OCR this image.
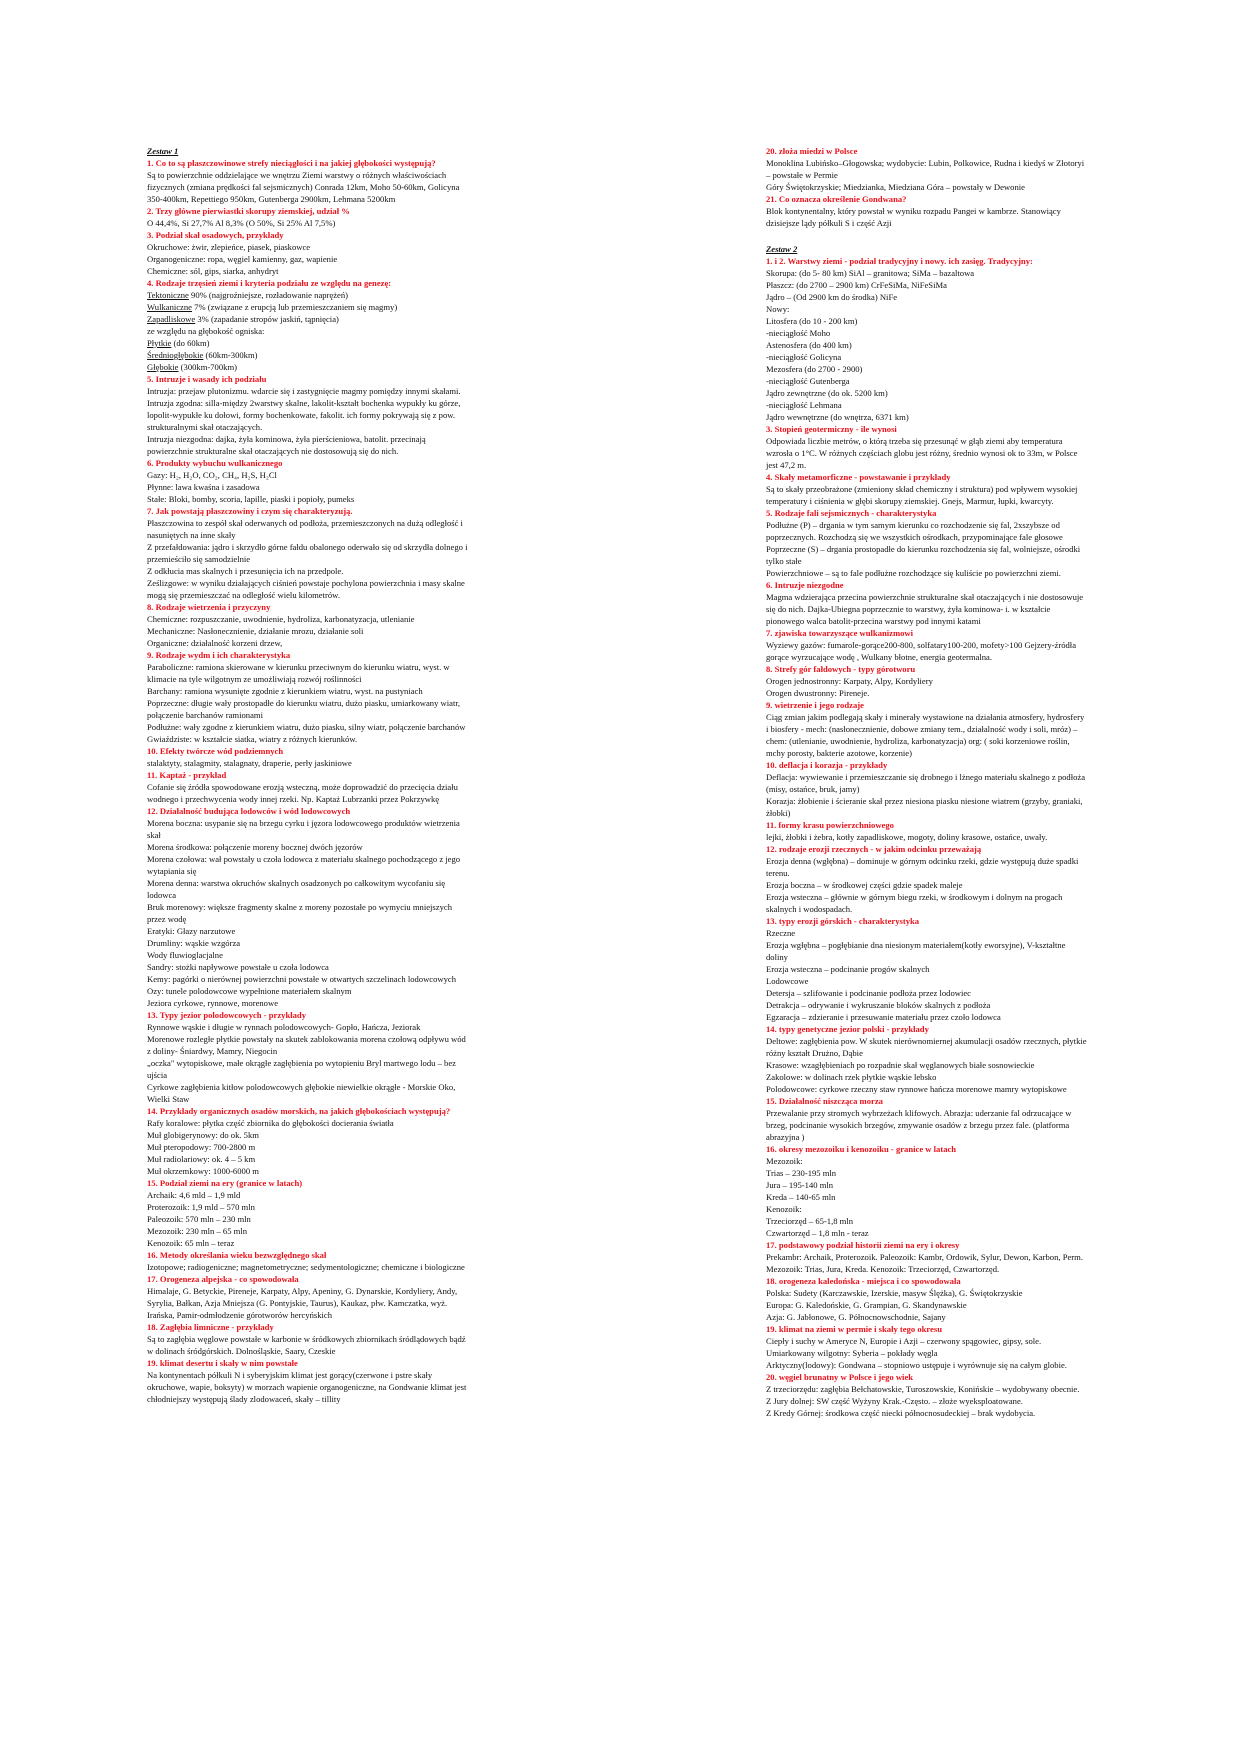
Zestaw 1

1. Co to są płaszczowinowe strefy nieciągłości i na jakiej głębokości występują?

Są to powierzchnie oddzielające we wnętrzu Ziemi warstwy o różnych właściwościach fizycznych (zmiana prędkości fal sejsmicznych) Conrada 12km, Moho 50-60km, Golicyna 350-400km, Repettiego 950km, Gutenberga 2900km, Lehmana 5200km

2. Trzy główne pierwiastki skorupy ziemskiej, udział %

O 44,4%, Si 27,7% Al 8,3% (O 50%, Si 25% Al 7,5%)

3. Podział skał osadowych, przykłady

Okruchowe: żwir, zlepieńce, piasek, piaskowce

Organogeniczne: ropa, węgiel kamienny, gaz, wapienie

Chemiczne: sól, gips, siarka, anhydryt

4. Rodzaje trzęsień ziemi i kryteria podziału ze względu na genezę:

Tektoniczne 90% (najgroźniejsze, rozładowanie naprężeń)

Wulkaniczne 7% (związane z erupcją lub przemieszczaniem się magmy)

Zapadliskowe 3% (zapadanie stropów jaskiń, tąpnięcia)

ze względu na głębokość ogniska:

Płytkie (do 60km)

Średniogłębokie (60km-300km)

Głębokie (300km-700km)

5. Intruzje i wasady ich podziału

Intruzja: przejaw plutonizmu. wdarcie się i zastygnięcie magmy pomiędzy innymi skałami.

Intruzja zgodna: silla-między 2warstwy skalne, lakolit-kształt bochenka wypukły ku górze, lopolit-wypukłe ku dołowi, formy bochenkowate, fakolit. ich formy pokrywają się z pow. strukturalnymi skał otaczających.

Intruzja niezgodna: dajka, żyła kominowa, żyła pierścieniowa, batolit. przecinają powierzchnie strukturalne skał otaczających nie dostosowują się do nich.

6. Produkty wybuchu wulkanicznego

Gazy: H₂, H₂O, CO₂, CH₄, H₂S, H₂Cl

Płynne: lawa kwaśna i zasadowa

Stałe: Bloki, bomby, scoria, lapille, piaski i popioły, pumeks

7. Jak powstają płaszczowiny i czym się charakteryzują.

Płaszczowina to zespół skał oderwanych od podłoża, przemieszczonych na dużą odległość i nasuniętych na inne skały

Z przefałdowania: jądro i skrzydło górne fałdu obalonego oderwało się od skrzydła dolnego i przemieściło się samodzielnie

Z odkłucia mas skalnych i przesunięcia ich na przedpole.

Ześlizgowe: w wyniku działających ciśnień powstaje pochylona powierzchnia i masy skalne mogą się przemieszczać na odległość wielu kilometrów.

8. Rodzaje wietrzenia i przyczyny

Chemiczne: rozpuszczanie, uwodnienie, hydroliza, karbonatyzacja, utlenianie

Mechaniczne: Nasłonecznienie, działanie mrozu, działanie soli

Organiczne: działalność korzeni drzew,

9. Rodzaje wydm i ich charakterystyka

Paraboliczne: ramiona skierowane w kierunku przeciwnym do kierunku wiatru, wyst. w klimacie na tyle wilgotnym ze umożliwiają rozwój roślinności

Barchany: ramiona wysunięte zgodnie z kierunkiem wiatru, wyst. na pustyniach

Poprzeczne: długie wały prostopadłe do kierunku wiatru, dużo piasku, umiarkowany wiatr, połączenie barchanów ramionami

Podłużne: wały zgodne z kierunkiem wiatru, dużo piasku, silny wiatr, połączenie barchanów

Gwiaździste: w kształcie siatka, wiatry z różnych kierunków.

10. Efekty twórcze wód podziemnych

stalaktyty, stalagmity, stalagnaty, draperie, perły jaskiniowe

11. Kaptaż - przykład

Cofanie się źródła spowodowane erozją wsteczną, może doprowadzić do przecięcia działu wodnego i przechwycenia wody innej rzeki. Np. Kaptaż Lubrzanki przez Pokrzywkę

12. Działalność budująca lodowców i wód lodowcowych

Morena boczna: usypanie się na brzegu cyrku i jęzora lodowcowego produktów wietrzenia skał

Morena środkowa: połączenie moreny bocznej dwóch jęzorów

Morena czołowa: wał powstały u czoła lodowca z materiału skalnego pochodzącego z jego wytapiania się

Morena denna: warstwa okruchów skalnych osadzonych po całkowitym wycofaniu się lodowca

Bruk morenowy: większe fragmenty skalne z moreny pozostałe po wymyciu mniejszych przez wodę

Eratyki: Głazy narzutowe

Drumliny: wąskie wzgórza

Wody fluwioglacjalne

Sandry: stożki napływowe powstałe u czoła lodowca

Kemy: pagórki o nierównej powierzchni powstałe w otwartych szczelinach lodowcowych

Ozy: tunele polodowcowe wypełnione materiałem skalnym

Jeziora cyrkowe, rynnowe, morenowe

13. Typy jezior polodowcowych - przykłady

Rynnowe wąskie i długie w rynnach polodowcowych- Gopło, Hańcza, Jeziorak

Morenowe rozległe płytkie powstały na skutek zablokowania morena czołową odpływu wód z doliny- Śniardwy, Mamry, Niegocin

„oczka" wytopiskowe, małe okrągłe zagłębienia po wytopieniu Bryl martwego lodu – bez ujścia

Cyrkowe zagłębienia kitłow polodowcowych głębokie niewielkie okrągłe - Morskie Oko, Wielki Staw

14. Przykłady organicznych osadów morskich, na jakich głębokościach występują?

Rafy koralowe: płytka część zbiornika do głębokości docierania światła

Muł globigerynowy: do ok. 5km

Muł pteropodowy: 700-2800 m

Muł radiolariowy: ok. 4 – 5 km

Muł okrzemkowy: 1000-6000 m

15. Podział ziemi na ery (granice w latach)

Archaik: 4,6 mld – 1,9 mld

Proterozoik: 1,9 mld – 570 mln

Paleozoik: 570 mln – 230 mln

Mezozoik: 230 mln – 65 mln

Kenozoik: 65 mln – teraz

16. Metody określania wieku bezwzględnego skał

Izotopowe; radiogeniczne; magnetometryczne; sedymentologiczne; chemiczne i biologiczne

17. Orogeneza alpejska - co spowodowała

Himalaje, G. Betyckie, Pireneje, Karpaty, Alpy, Apeniny, G. Dynarskie, Kordyliery, Andy, Syrylia, Bałkan, Azja Mniejsza (G. Pontyjskie, Taurus), Kaukaz, płw. Kamczatka, wyż. Irańska, Pamir-odmłodzenie górotworów hercyńskich

18. Zagłębia limniczne - przykłady

Są to zagłębia węglowe powstałe w karbonie w śródkowych zbiornikach śródlądowych bądź w dolinach śródgórskich. Dolnośląskie, Saary, Czeskie

19. klimat desertu i skały w nim powstałe

Na kontynentach półkuli N i syberyjskim klimat jest gorący(czerwone i pstre skały okruchowe, wapie, boksyty) w morzach wapienie organogeniczne, na Gondwanie klimat jest chłodniejszy występują ślady zlodowaceń, skały – tillity

20. złoża miedzi w Polsce

Monoklina Lubińsko–Głogowska; wydobycie: Lubin, Polkowice, Rudna i kiedyś w Złotoryi – powstałe w Permie

Góry Świętokrzyskie; Miedzianka, Miedziana Góra – powstały w Dewonie

21. Co oznacza określenie Gondwana?

Blok kontynentalny, który powstał w wyniku rozpadu Pangei w kambrze. Stanowiący dzisiejsze lądy półkuli S i część Azji

Zestaw 2

1. i 2. Warstwy ziemi - podział tradycyjny i nowy. ich zasięg. Tradycyjny:

Skorupa: (do 5- 80 km) SiAl – granitowa; SiMa – bazaltowa

Płaszcz: (do 2700 – 2900 km) CrFeSiMa, NiFeSiMa

Jądro – (Od 2900 km do środka) NiFe

Nowy:

Litosfera (do 10 - 200 km)

-nieciągłość Moho

Astenosfera (do 400 km)

-nieciągłość Golicyna

Mezosfera (do 2700 - 2900)

-nieciągłość Gutenberga

Jądro zewnętrzne (do ok. 5200 km)

-nieciągłość Lehmana

Jądro wewnętrzne (do wnętrza, 6371 km)

3. Stopień geotermiczny - ile wynosi

Odpowiada liczbie metrów, o którą trzeba się przesunąć w głąb ziemi aby temperatura wzrosła o 1°C. W różnych częściach globu jest różny, średnio wynosi ok to 33m, w Polsce jest 47,2 m.

4. Skały metamorficzne - powstawanie i przykłady

Są to skały przeobrażone (zmieniony skład chemiczny i struktura) pod wpływem wysokiej temperatury i ciśnienia w głębi skorupy ziemskiej. Gnejs, Marmur, łupki, kwarcyty.

5. Rodzaje fali sejsmicznych - charakterystyka

Podłużne (P) – drgania w tym samym kierunku co rozchodzenie się fal, 2xszybsze od poprzecznych. Rozchodzą się we wszystkich ośrodkach, przypominające fale głosowe

Poprzeczne (S) – drgania prostopadłe do kierunku rozchodzenia się fal, wolniejsze, ośrodki tylko stałe

Powierzchniowe – są to fale podłużne rozchodzące się kuliście po powierzchni ziemi.

6. Intruzje niezgodne

Magma wdzierająca przecina powierzchnie strukturalne skał otaczających i nie dostosowuje się do nich. Dajka-Ubiegna poprzecznie to warstwy, żyła kominowa- i. w kształcie pionowego walca batolit-przecina warstwy pod innymi katami

7. zjawiska towarzyszące wulkanizmowi

Wyziewy gazów: fumarole-gorące200-800, solfatary100-200, mofety>100 Gejzery-źródła gorące wyrzucające wodę , Wulkany błotne, energia geotermalna.

8. Strefy gór fałdowych - typy górotworu

Orogen jednostronny: Karpaty, Alpy, Kordyliery

Orogen dwustronny: Pireneje.

9. wietrzenie i jego rodzaje

Ciąg zmian jakim podlegają skały i minerały wystawione na działania atmosfery, hydrosfery i biosfery - mech: (nasłonecznienie, dobowe zmiany tem., działalność wody i soli, mróz) –chem: (utlenianie, uwodnienie, hydroliza, karbonatyzacja) org: ( soki korzeniowe roślin, mchy porosty, bakterie azotowe, korzenie)

10. deflacja i korazja - przykłady

Deflacja: wywiewanie i przemieszczanie się drobnego i lżnego materiału skalnego z podłoża (misy, ostańce, bruk, jamy)

Korazja: żłobienie i ścieranie skał przez niesiona piasku niesione wiatrem (grzyby, graniaki, żłobki)

11. formy krasu powierzchniowego

lejki, żłobki i żebra, kotły zapadliskowe, mogoty, doliny krasowe, ostańce, uwały.

12. rodzaje erozji rzecznych - w jakim odcinku przeważają

Erozja denna (wgłębna) – dominuje w górnym odcinku rzeki, gdzie występują duże spadki terenu.

Erozja boczna – w środkowej części gdzie spadek maleje

Erozja wsteczna – głównie w górnym biegu rzeki, w środkowym i dolnym na progach skalnych i wodospadach.

13. typy erozji górskich - charakterystyka

Rzeczne

Erozja wgłębna – pogłębianie dna niesionym materiałem(kotły eworsyjne), V-kształtne doliny

Erozja wsteczna – podcinanie progów skalnych

Lodowcowe

Detersja – szlifowanie i podcinanie podłoża przez lodowiec

Detrakcja – odrywanie i wykruszanie bloków skalnych z podłoża

Egzaracja – zdzieranie i przesuwanie materiału przez czoło lodowca

14. typy genetyczne jezior polski - przykłady

Deltowe: zagłębienia pow. W skutek nierównomiernej akumulacji osadów rzecznych, płytkie różny kształt Drużno, Dąbie

Krasowe: wzagłębieniach po rozpadnie skał węglanowych białe sosnowieckie

Zakolowe: w dolinach rzek płytkie wąskie lebsko

Polodowcowe: cyrkowe rzeczny staw rynnowe hańcza morenowe mamry wytopiskowe

15. Działalność niszcząca morza

Przewalanie przy stromych wybrzeżach klifowych. Abrazja: uderzanie fal odrzucające w brzeg, podcinanie wysokich brzegów, zmywanie osadów z brzegu przez fale. (platforma abrazyjna )

16. okresy mezozoiku i kenozoiku - granice w latach

Mezozoik:

Trias – 230-195 mln

Jura – 195-140 mln

Kreda – 140-65 mln

Kenozoik:

Trzeciorzęd – 65-1,8 mln

Czwartorzęd – 1,8 mln - teraz

17. podstawowy podział historii ziemi na ery i okresy

Prekambr: Archaik, Proterozoik. Paleozoik: Kambr, Ordowik, Sylur, Dewon, Karbon, Perm. Mezozoik: Trias, Jura, Kreda. Kenozoik: Trzeciorzęd, Czwartorzęd.

18. orogeneza kaledońska - miejsca i co spowodowała

Polska: Sudety (Karczawskie, Izerskie, masyw Ślężka), G. Świętokrzyskie

Europa: G. Kaledońskie, G. Grampian, G. Skandynawskie

Azja: G. Jabłonowe, G. Północnowschodnie, Sajany

19. klimat na ziemi w permie i skały tego okresu

Ciepły i suchy w Ameryce N, Europie i Azji – czerwony spągowiec, gipsy, sole.

Umiarkowany wilgotny: Syberia – pokłady węgla

Arktyczny(lodowy): Gondwana – stopniowo ustępuje i wyrównuje się na całym globie.

20. węgiel brunatny w Polsce i jego wiek

Z trzeciorzędu: zagłębia Bełchatowskie, Turoszowskie, Konińskie – wydobywany obecnie.

Z Jury dolnej: SW część Wyżyny Krak.-Często. – złoże wyeksploatowane.

Z Kredy Górnej: środkowa część niecki północnosudeckiej – brak wydobycia.
